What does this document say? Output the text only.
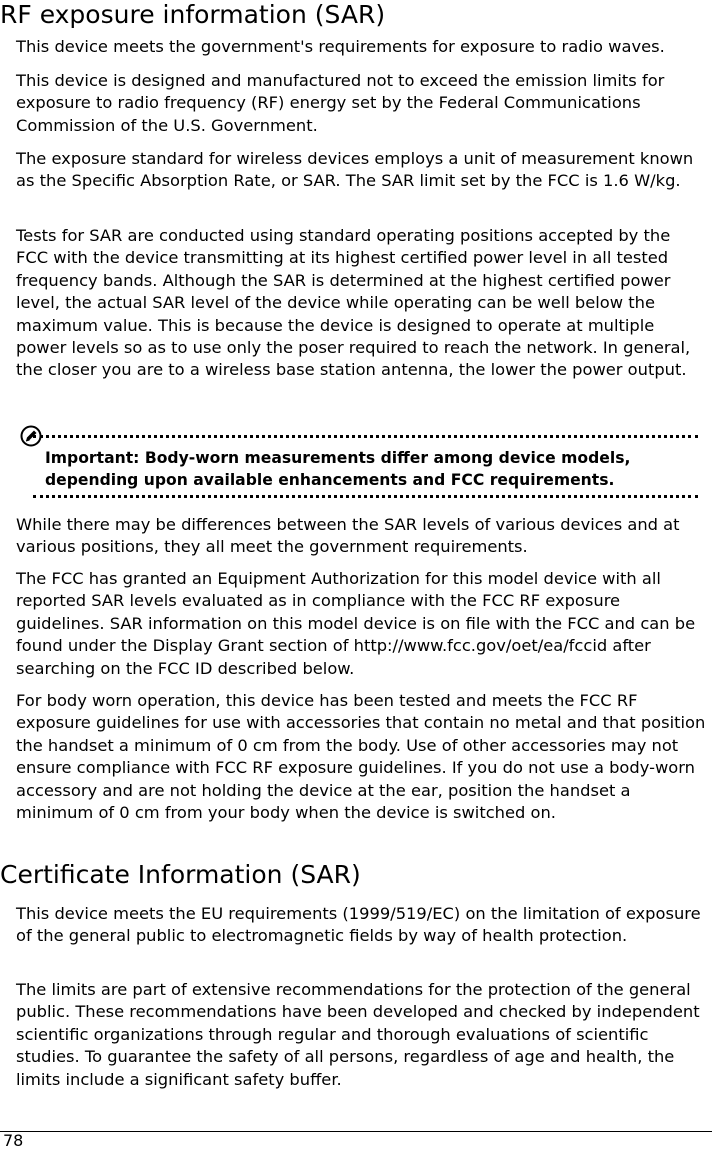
RF exposure information (SAR)

This device meets the government's requirements for exposure to radio waves.

This device is designed and manufactured not to exceed the emission limits for exposure to radio frequency (RF) energy set by the Federal Communications Commission of the U.S. Government.

The exposure standard for wireless devices employs a unit of measurement known as the Specific Absorption Rate, or SAR. The SAR limit set by the FCC is 1.6 W/kg.

Tests for SAR are conducted using standard operating positions accepted by the FCC with the device transmitting at its highest certified power level in all tested frequency bands. Although the SAR is determined at the highest certified power level, the actual SAR level of the device while operating can be well below the maximum value. This is because the device is designed to operate at multiple power levels so as to use only the poser required to reach the network. In general, the closer you are to a wireless base station antenna, the lower the power output.

Important: Body-worn measurements differ among device models, depending upon available enhancements and FCC requirements.

While there may be differences between the SAR levels of various devices and at various positions, they all meet the government requirements.

The FCC has granted an Equipment Authorization for this model device with all reported SAR levels evaluated as in compliance with the FCC RF exposure guidelines. SAR information on this model device is on file with the FCC and can be found under the Display Grant section of http://www.fcc.gov/oet/ea/fccid after searching on the FCC ID described below.

For body worn operation, this device has been tested and meets the FCC RF exposure guidelines for use with accessories that contain no metal and that position the handset a minimum of 0 cm from the body. Use of other accessories may not ensure compliance with FCC RF exposure guidelines. If you do not use a body-worn accessory and are not holding the device at the ear, position the handset a minimum of 0 cm from your body when the device is switched on.

Certificate Information (SAR)

This device meets the EU requirements (1999/519/EC) on the limitation of exposure of the general public to electromagnetic fields by way of health protection.

The limits are part of extensive recommendations for the protection of the general public. These recommendations have been developed and checked by independent scientific organizations through regular and thorough evaluations of scientific studies. To guarantee the safety of all persons, regardless of age and health, the limits include a significant safety buffer.

78
